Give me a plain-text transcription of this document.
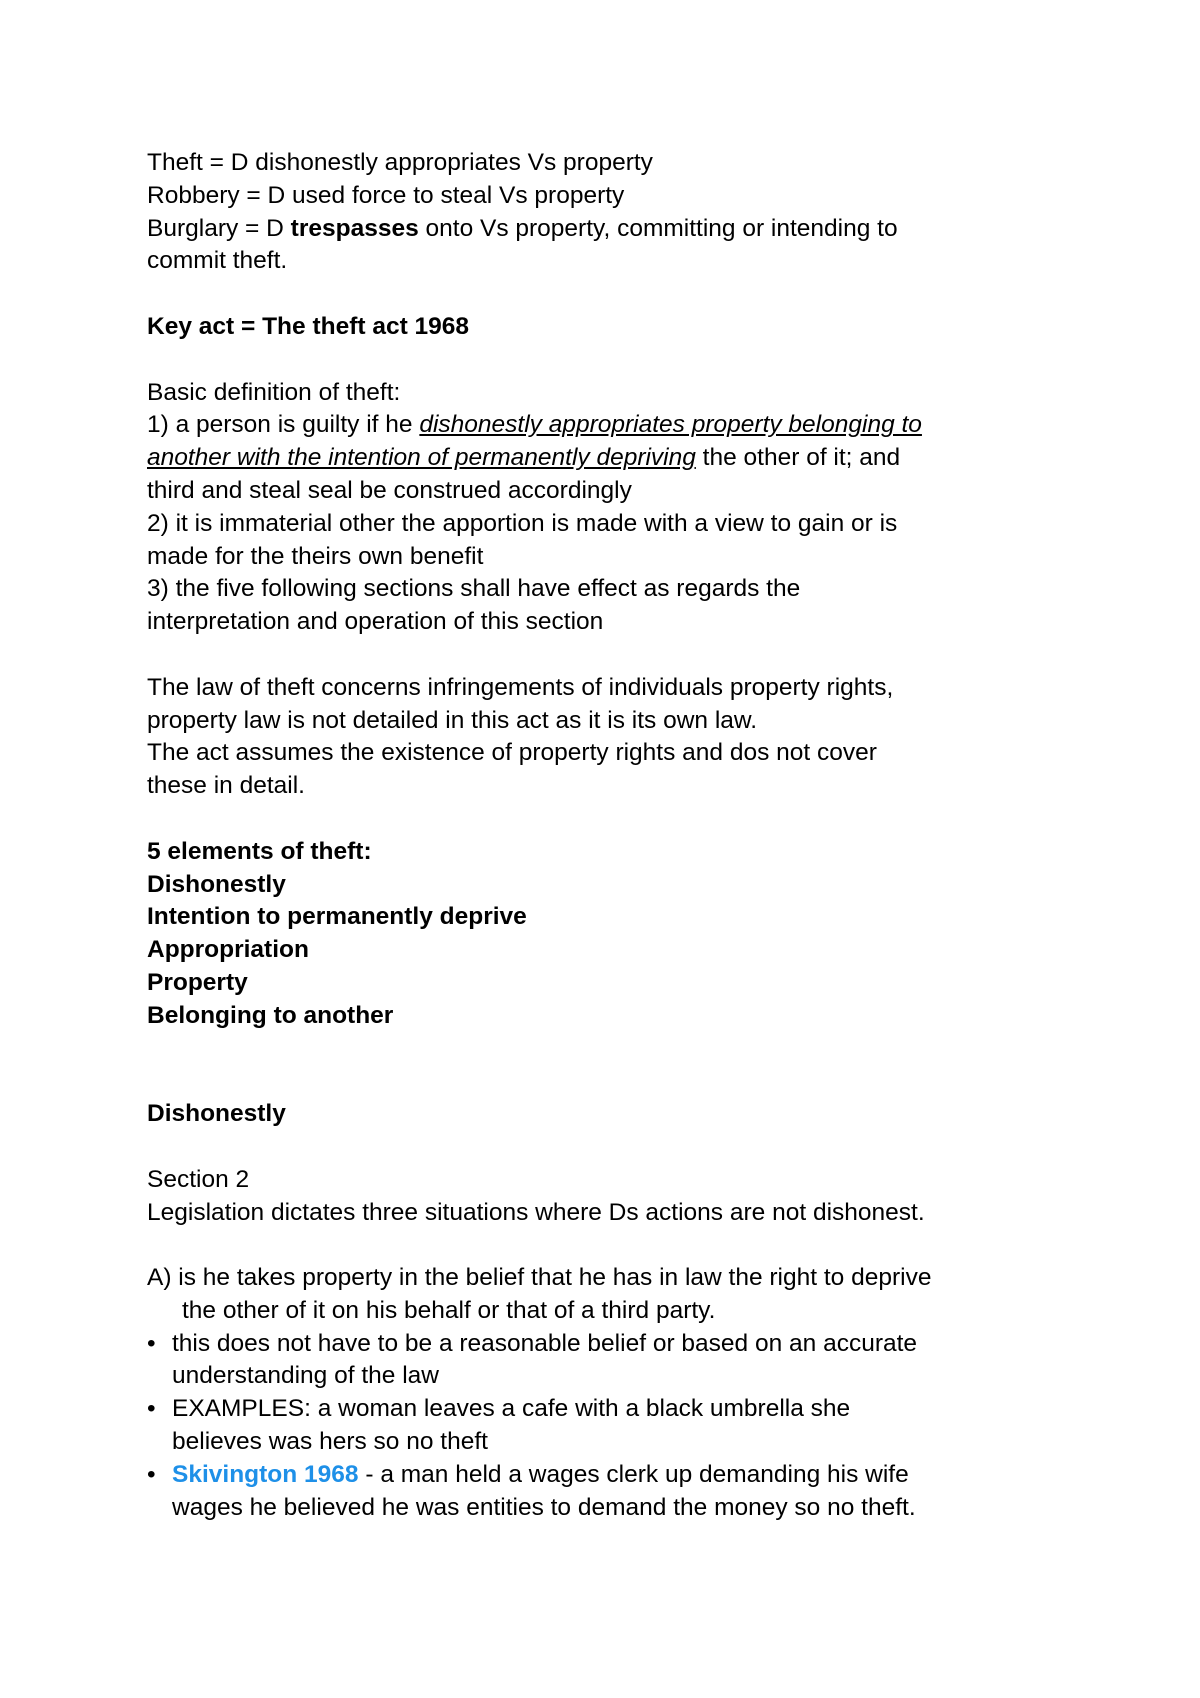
Theft = D dishonestly appropriates Vs property

Robbery = D used force to steal Vs property

Burglary = D trespasses onto Vs property, committing or intending to

commit theft.

Key act = The theft act 1968

Basic definition of theft:

1) a person is guilty if he dishonestly appropriates property belonging to

another with the intention of permanently depriving the other of it; and

third and steal seal be construed accordingly

2) it is immaterial other the apportion is made with a view to gain or is

made for the theirs own benefit

3) the five following sections shall have effect as regards the

interpretation and operation of this section

The law of theft concerns infringements of individuals property rights,

property law is not detailed in this act as it is its own law.

The act assumes the existence of property rights and dos not cover

these in detail.

5 elements of theft:

Dishonestly

Intention to permanently deprive

Appropriation

Property

Belonging to another

Dishonestly

Section 2

Legislation dictates three situations where Ds actions are not dishonest.

A) is he takes property in the belief that he has in law the right to deprive

the other of it on his behalf or that of a third party.

• this does not have to be a reasonable belief or based on an accurate

understanding of the law

• EXAMPLES: a woman leaves a cafe with a black umbrella she

believes was hers so no theft

• Skivington 1968 - a man held a wages clerk up demanding his wife

wages he believed he was entities to demand the money so no theft.
